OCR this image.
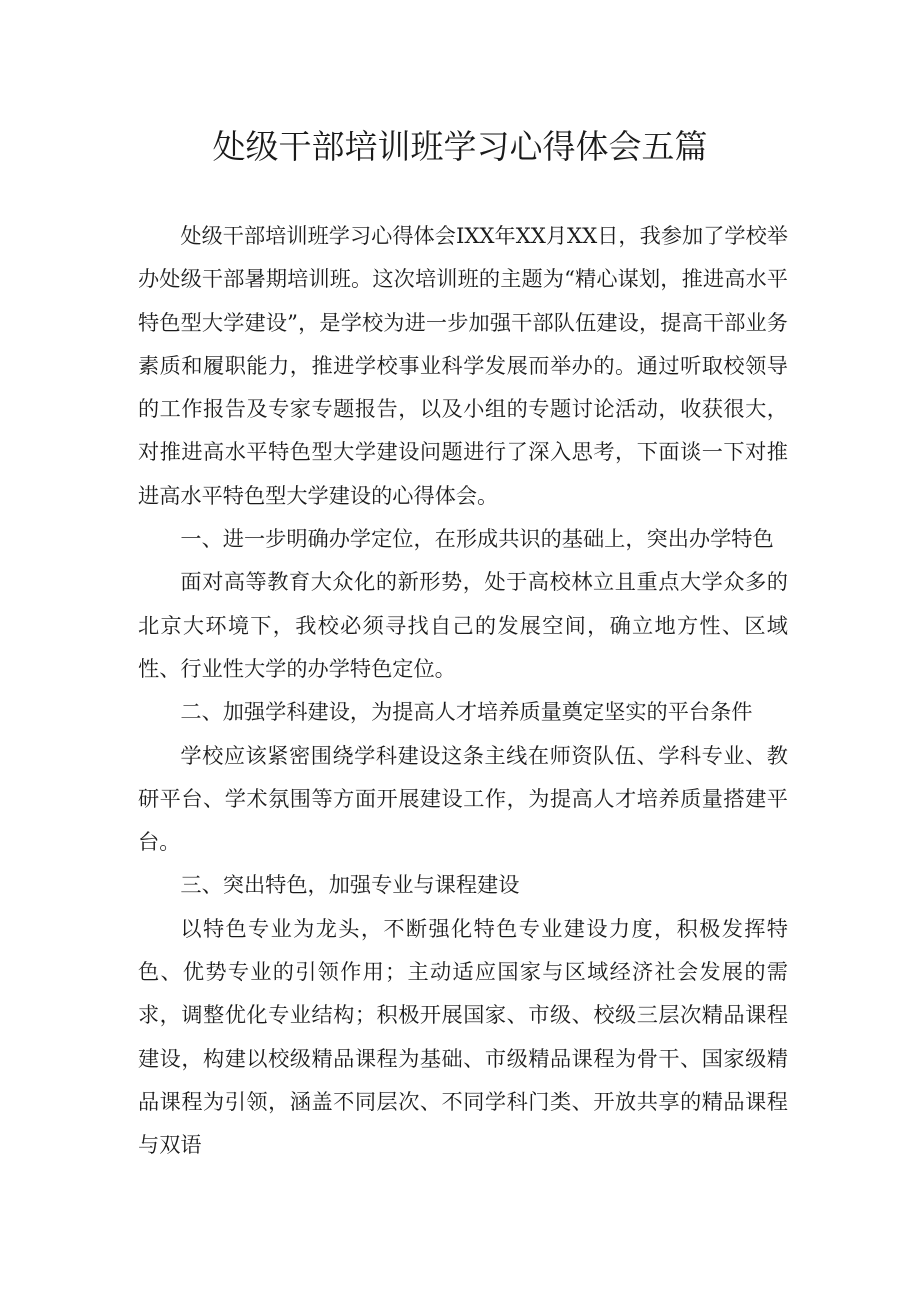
处级干部培训班学习心得体会五篇

处级干部培训班学习心得体会IXX年XX月XX日，我参加了学校举办处级干部暑期培训班。这次培训班的主题为“精心谋划，推进高水平特色型大学建设”，是学校为进一步加强干部队伍建设，提高干部业务素质和履职能力，推进学校事业科学发展而举办的。通过听取校领导的工作报告及专家专题报告，以及小组的专题讨论活动，收获很大，对推进高水平特色型大学建设问题进行了深入思考，下面谈一下对推进高水平特色型大学建设的心得体会。

一、进一步明确办学定位，在形成共识的基础上，突出办学特色

面对高等教育大众化的新形势，处于高校林立且重点大学众多的北京大环境下，我校必须寻找自己的发展空间，确立地方性、区域性、行业性大学的办学特色定位。

二、加强学科建设，为提高人才培养质量奠定坚实的平台条件

学校应该紧密围绕学科建设这条主线在师资队伍、学科专业、教研平台、学术氛围等方面开展建设工作，为提高人才培养质量搭建平台。

三、突出特色，加强专业与课程建设

以特色专业为龙头，不断强化特色专业建设力度，积极发挥特色、优势专业的引领作用；主动适应国家与区域经济社会发展的需求，调整优化专业结构；积极开展国家、市级、校级三层次精品课程建设，构建以校级精品课程为基础、市级精品课程为骨干、国家级精品课程为引领，涵盖不同层次、不同学科门类、开放共享的精品课程与双语
